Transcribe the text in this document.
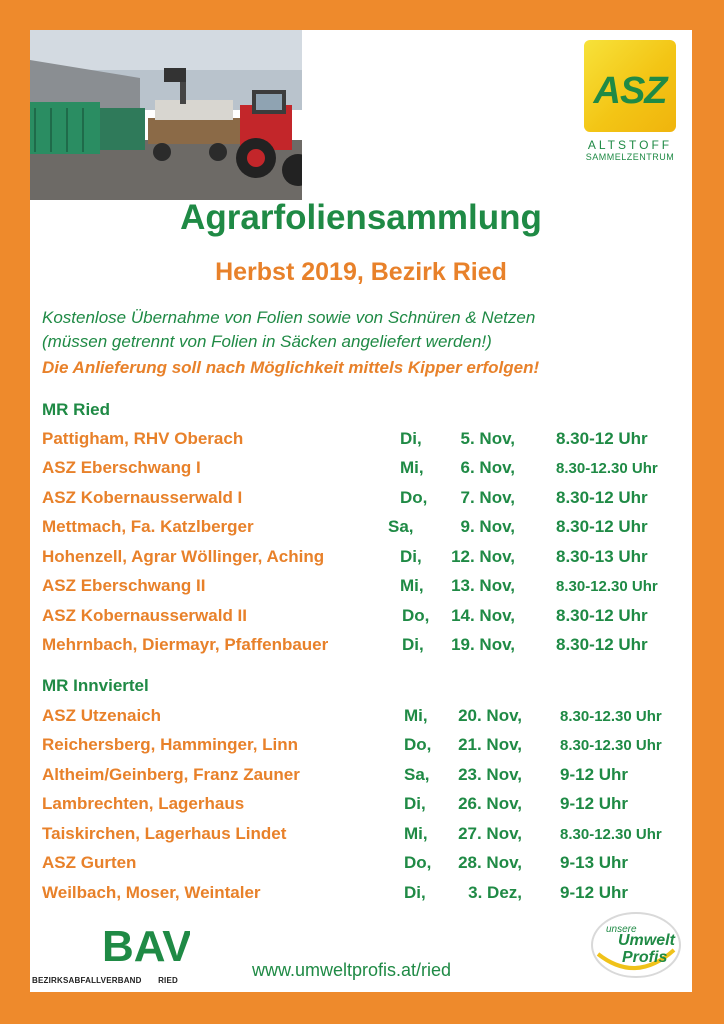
ASZ
ALTSTOFF
SAMMELZENTRUM
Agrarfoliensammlung
Herbst 2019, Bezirk Ried
Kostenlose Übernahme von Folien sowie von Schnüren & Netzen
(müssen getrennt von Folien in Säcken angeliefert werden!)
Die Anlieferung soll nach Möglichkeit mittels Kipper erfolgen!
MR Ried
Pattigham, RHV Oberach	Di,	5. Nov, 8.30-12 Uhr
ASZ Eberschwang I	Mi,	6. Nov,	8.30-12.30 Uhr
ASZ Kobernausserwald I	Do,	7. Nov, 8.30-12 Uhr
Mettmach, Fa. Katzlberger	Sa,	9. Nov, 8.30-12 Uhr
Hohenzell, Agrar Wöllinger, Aching	Di,	12. Nov, 8.30-13 Uhr
ASZ Eberschwang II	Mi,	13. Nov,	8.30-12.30 Uhr
ASZ Kobernausserwald II	Do,	14. Nov, 8.30-12 Uhr
Mehrnbach, Diermayr, Pfaffenbauer	Di,	19. Nov, 8.30-12 Uhr
MR Innviertel
ASZ Utzenaich	Mi,	20. Nov,	8.30-12.30 Uhr
Reichersberg, Hamminger, Linn	Do,	21. Nov,	8.30-12.30 Uhr
Altheim/Geinberg, Franz Zauner	Sa,	23. Nov, 9-12 Uhr
Lambrechten, Lagerhaus	Di,	26. Nov, 9-12 Uhr
Taiskirchen, Lagerhaus Lindet	Mi,	27. Nov,	8.30-12.30 Uhr
ASZ Gurten	Do,	28. Nov, 9-13 Uhr
Weilbach, Moser, Weintaler	Di,	3. Dez, 9-12 Uhr
BAV
BEZIRKSABFALLVERBAND RIED
www.umweltprofis.at/ried
unsere
Umwelt
Profis
